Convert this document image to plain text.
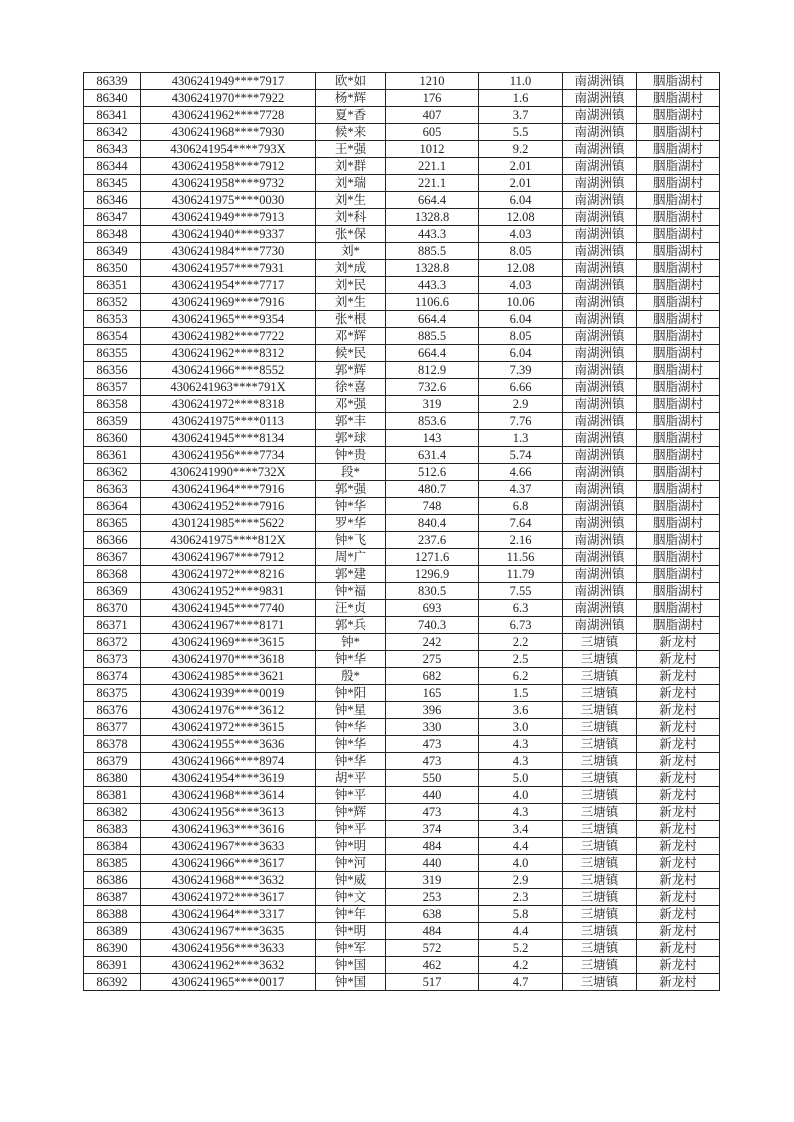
86339	4306241949****7917	欧*如	1210	11.0	南湖洲镇	胭脂湖村
86340	4306241970****7922	杨*辉	176	1.6	南湖洲镇	胭脂湖村
86341	4306241962****7728	夏*香	407	3.7	南湖洲镇	胭脂湖村
86342	4306241968****7930	候*来	605	5.5	南湖洲镇	胭脂湖村
86343	4306241954****793X	王*强	1012	9.2	南湖洲镇	胭脂湖村
86344	4306241958****7912	刘*群	221.1	2.01	南湖洲镇	胭脂湖村
86345	4306241958****9732	刘*瑞	221.1	2.01	南湖洲镇	胭脂湖村
86346	4306241975****0030	刘*生	664.4	6.04	南湖洲镇	胭脂湖村
86347	4306241949****7913	刘*科	1328.8	12.08	南湖洲镇	胭脂湖村
86348	4306241940****9337	张*保	443.3	4.03	南湖洲镇	胭脂湖村
86349	4306241984****7730	刘*	885.5	8.05	南湖洲镇	胭脂湖村
86350	4306241957****7931	刘*成	1328.8	12.08	南湖洲镇	胭脂湖村
86351	4306241954****7717	刘*民	443.3	4.03	南湖洲镇	胭脂湖村
86352	4306241969****7916	刘*生	1106.6	10.06	南湖洲镇	胭脂湖村
86353	4306241965****9354	张*根	664.4	6.04	南湖洲镇	胭脂湖村
86354	4306241982****7722	邓*辉	885.5	8.05	南湖洲镇	胭脂湖村
86355	4306241962****8312	候*民	664.4	6.04	南湖洲镇	胭脂湖村
86356	4306241966****8552	郭*辉	812.9	7.39	南湖洲镇	胭脂湖村
86357	4306241963****791X	徐*喜	732.6	6.66	南湖洲镇	胭脂湖村
86358	4306241972****8318	邓*强	319	2.9	南湖洲镇	胭脂湖村
86359	4306241975****0113	郭*丰	853.6	7.76	南湖洲镇	胭脂湖村
86360	4306241945****8134	郭*球	143	1.3	南湖洲镇	胭脂湖村
86361	4306241956****7734	钟*贵	631.4	5.74	南湖洲镇	胭脂湖村
86362	4306241990****732X	段*	512.6	4.66	南湖洲镇	胭脂湖村
86363	4306241964****7916	郭*强	480.7	4.37	南湖洲镇	胭脂湖村
86364	4306241952****7916	钟*华	748	6.8	南湖洲镇	胭脂湖村
86365	4301241985****5622	罗*华	840.4	7.64	南湖洲镇	胭脂湖村
86366	4306241975****812X	钟*飞	237.6	2.16	南湖洲镇	胭脂湖村
86367	4306241967****7912	周*广	1271.6	11.56	南湖洲镇	胭脂湖村
86368	4306241972****8216	郭*建	1296.9	11.79	南湖洲镇	胭脂湖村
86369	4306241952****9831	钟*福	830.5	7.55	南湖洲镇	胭脂湖村
86370	4306241945****7740	汪*贞	693	6.3	南湖洲镇	胭脂湖村
86371	4306241967****8171	郭*兵	740.3	6.73	南湖洲镇	胭脂湖村
86372	4306241969****3615	钟*	242	2.2	三塘镇	新龙村
86373	4306241970****3618	钟*华	275	2.5	三塘镇	新龙村
86374	4306241985****3621	殷*	682	6.2	三塘镇	新龙村
86375	4306241939****0019	钟*阳	165	1.5	三塘镇	新龙村
86376	4306241976****3612	钟*星	396	3.6	三塘镇	新龙村
86377	4306241972****3615	钟*华	330	3.0	三塘镇	新龙村
86378	4306241955****3636	钟*华	473	4.3	三塘镇	新龙村
86379	4306241966****8974	钟*华	473	4.3	三塘镇	新龙村
86380	4306241954****3619	胡*平	550	5.0	三塘镇	新龙村
86381	4306241968****3614	钟*平	440	4.0	三塘镇	新龙村
86382	4306241956****3613	钟*辉	473	4.3	三塘镇	新龙村
86383	4306241963****3616	钟*平	374	3.4	三塘镇	新龙村
86384	4306241967****3633	钟*明	484	4.4	三塘镇	新龙村
86385	4306241966****3617	钟*河	440	4.0	三塘镇	新龙村
86386	4306241968****3632	钟*威	319	2.9	三塘镇	新龙村
86387	4306241972****3617	钟*文	253	2.3	三塘镇	新龙村
86388	4306241964****3317	钟*年	638	5.8	三塘镇	新龙村
86389	4306241967****3635	钟*明	484	4.4	三塘镇	新龙村
86390	4306241956****3633	钟*军	572	5.2	三塘镇	新龙村
86391	4306241962****3632	钟*国	462	4.2	三塘镇	新龙村
86392	4306241965****0017	钟*国	517	4.7	三塘镇	新龙村
